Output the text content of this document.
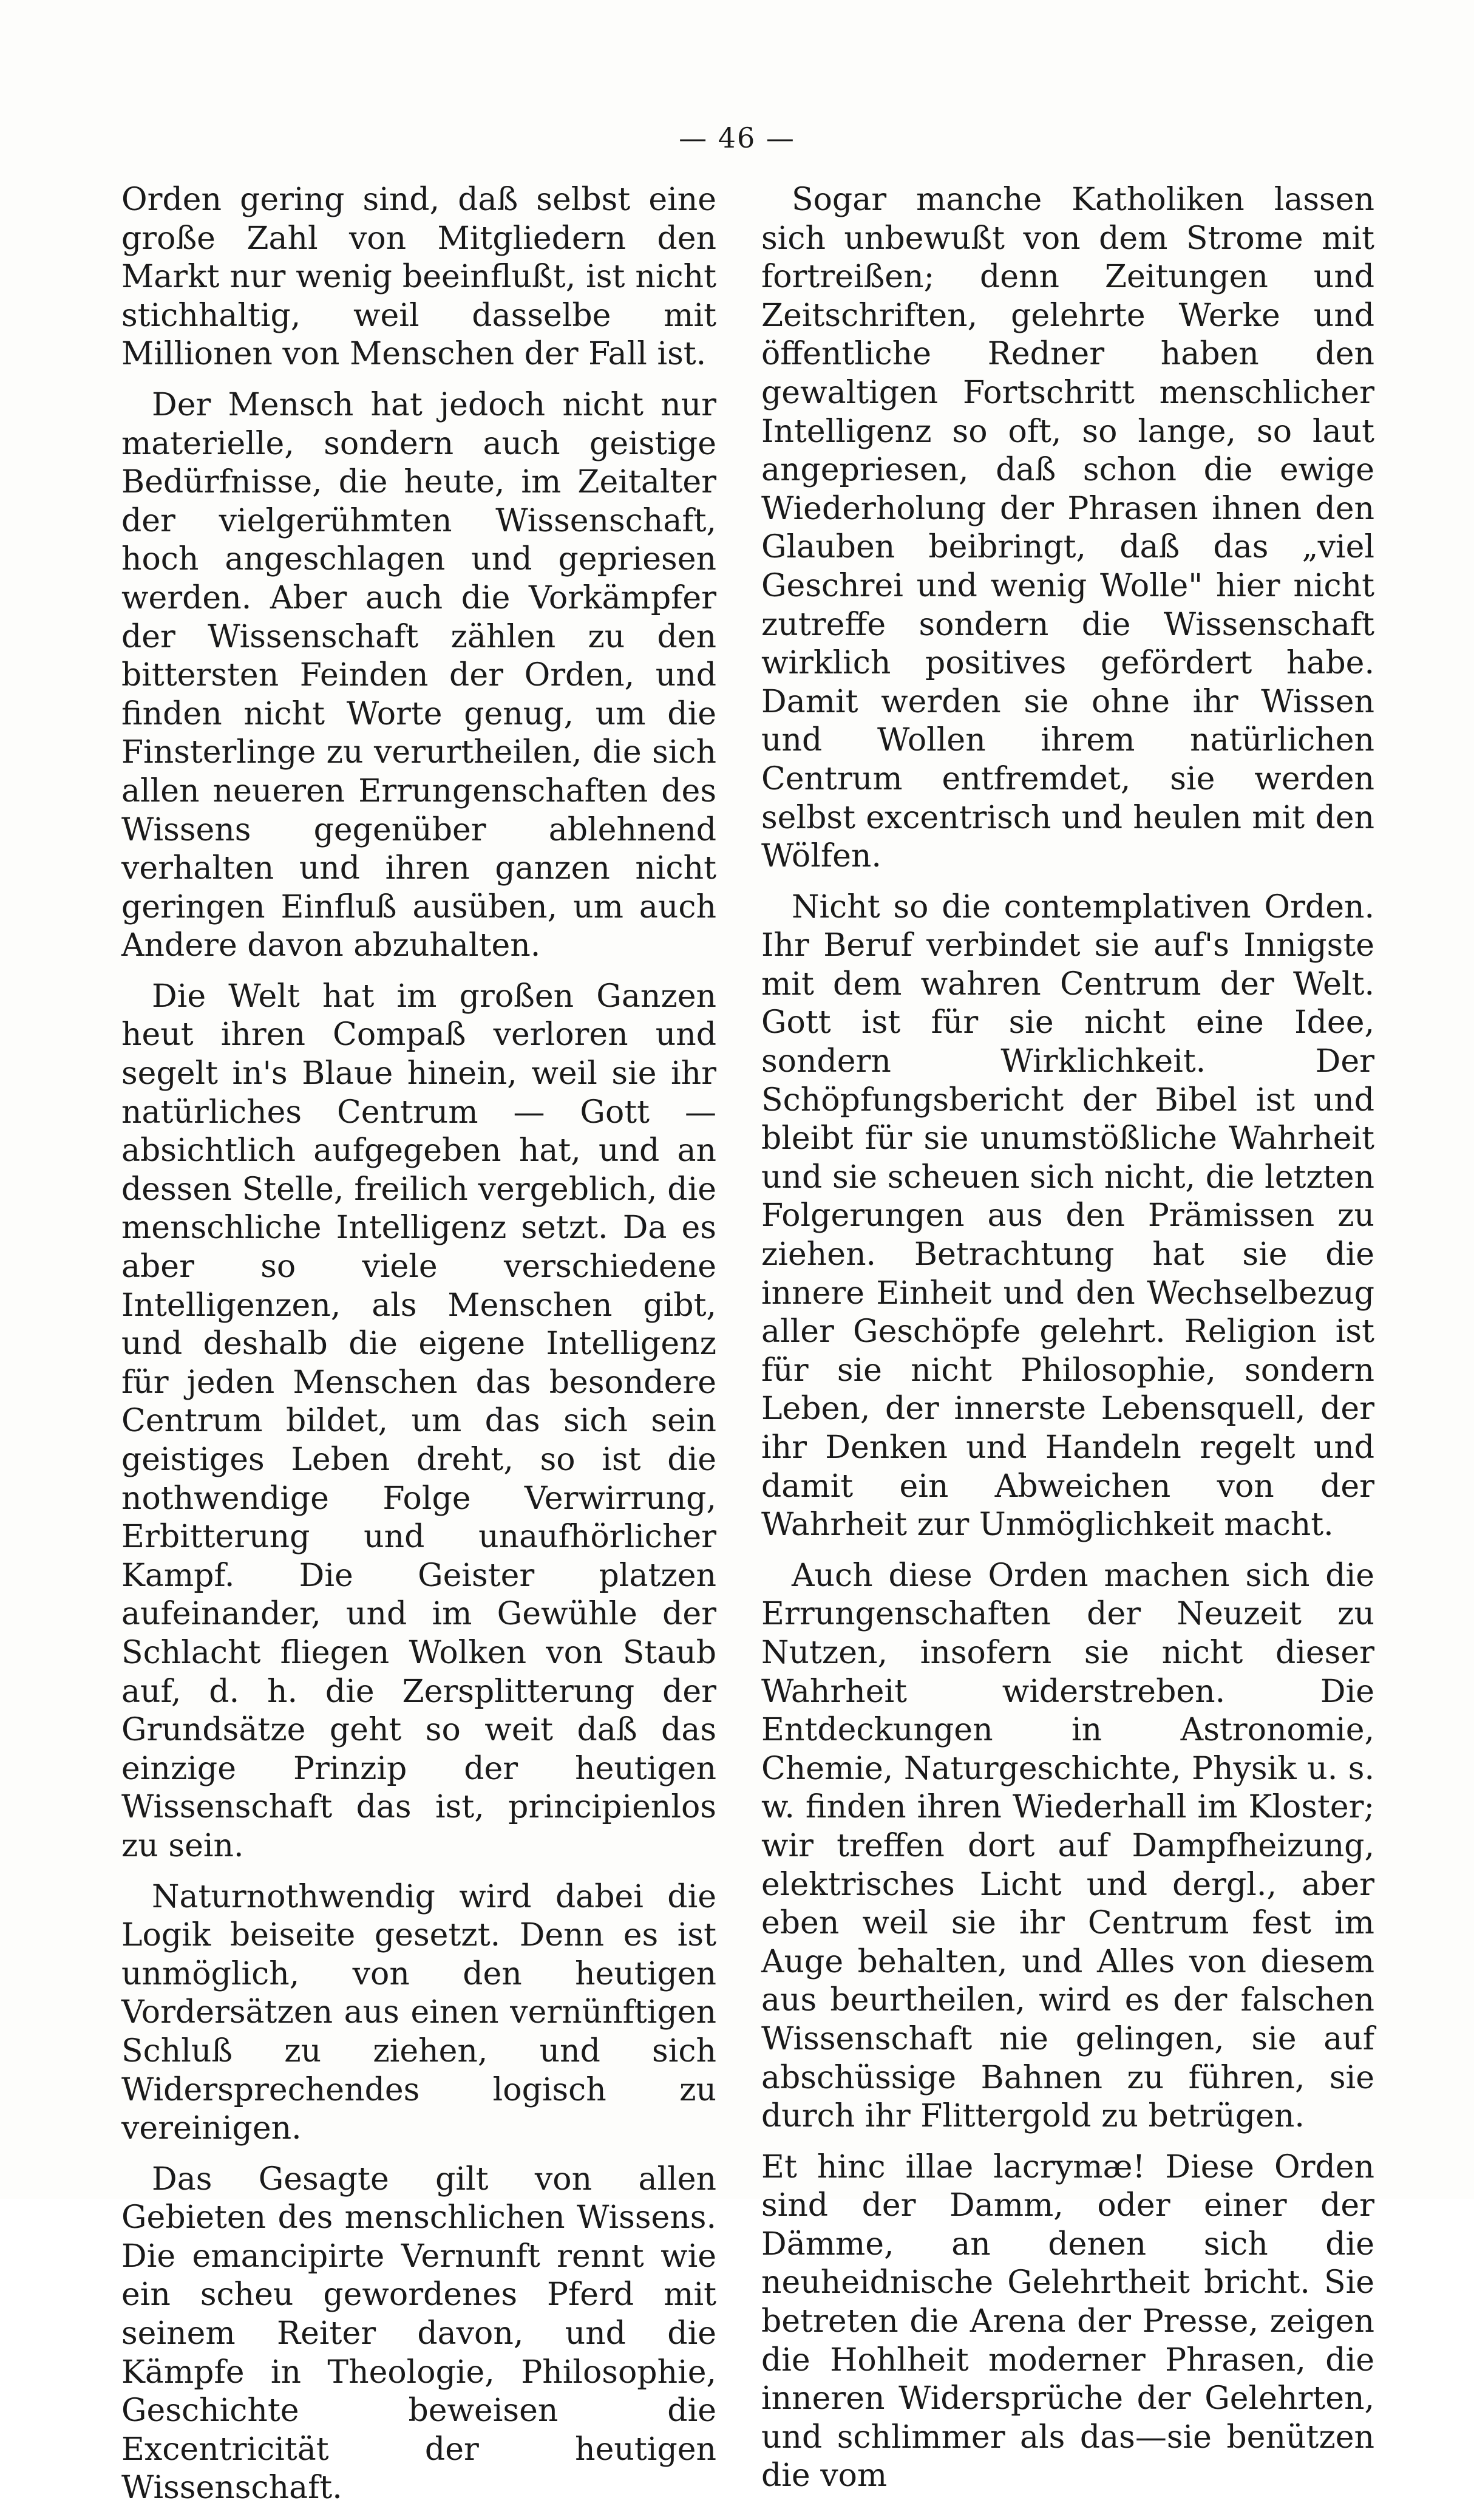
— 46 —

Orden gering sind, daß selbst eine große Zahl von Mitgliedern den Markt nur wenig beeinflußt, ist nicht stichhaltig, weil dasselbe mit Millionen von Menschen der Fall ist.

Der Mensch hat jedoch nicht nur materielle, sondern auch geistige Bedürfnisse, die heute, im Zeitalter der vielgerühmten Wissenschaft, hoch angeschlagen und gepriesen werden. Aber auch die Vorkämpfer der Wissenschaft zählen zu den bittersten Feinden der Orden, und finden nicht Worte genug, um die Finsterlinge zu verurtheilen, die sich allen neueren Errungenschaften des Wissens gegenüber ablehnend verhalten und ihren ganzen nicht geringen Einfluß ausüben, um auch Andere davon abzuhalten.

Die Welt hat im großen Ganzen heut ihren Compaß verloren und segelt in's Blaue hinein, weil sie ihr natürliches Centrum — Gott — absichtlich aufgegeben hat, und an dessen Stelle, freilich vergeblich, die menschliche Intelligenz setzt. Da es aber so viele verschiedene Intelligenzen, als Menschen gibt, und deshalb die eigene Intelligenz für jeden Menschen das besondere Centrum bildet, um das sich sein geistiges Leben dreht, so ist die nothwendige Folge Verwirrung, Erbitterung und unaufhörlicher Kampf. Die Geister platzen aufeinander, und im Gewühle der Schlacht fliegen Wolken von Staub auf, d. h. die Zersplitterung der Grundsätze geht so weit daß das einzige Prinzip der heutigen Wissenschaft das ist, principienlos zu sein.

Naturnothwendig wird dabei die Logik beiseite gesetzt. Denn es ist unmöglich, von den heutigen Vordersätzen aus einen vernünftigen Schluß zu ziehen, und sich Widersprechendes logisch zu vereinigen.

Das Gesagte gilt von allen Gebieten des menschlichen Wissens. Die emancipirte Vernunft rennt wie ein scheu gewordenes Pferd mit seinem Reiter davon, und die Kämpfe in Theologie, Philosophie, Geschichte beweisen die Excentricität der heutigen Wissenschaft.

Sogar manche Katholiken lassen sich unbewußt von dem Strome mit fortreißen; denn Zeitungen und Zeitschriften, gelehrte Werke und öffentliche Redner haben den gewaltigen Fortschritt menschlicher Intelligenz so oft, so lange, so laut angepriesen, daß schon die ewige Wiederholung der Phrasen ihnen den Glauben beibringt, daß das „viel Geschrei und wenig Wolle" hier nicht zutreffe sondern die Wissenschaft wirklich positives gefördert habe. Damit werden sie ohne ihr Wissen und Wollen ihrem natürlichen Centrum entfremdet, sie werden selbst excentrisch und heulen mit den Wölfen.

Nicht so die contemplativen Orden. Ihr Beruf verbindet sie auf's Innigste mit dem wahren Centrum der Welt. Gott ist für sie nicht eine Idee, sondern Wirklichkeit. Der Schöpfungsbericht der Bibel ist und bleibt für sie unumstößliche Wahrheit und sie scheuen sich nicht, die letzten Folgerungen aus den Prämissen zu ziehen. Betrachtung hat sie die innere Einheit und den Wechselbezug aller Geschöpfe gelehrt. Religion ist für sie nicht Philosophie, sondern Leben, der innerste Lebensquell, der ihr Denken und Handeln regelt und damit ein Abweichen von der Wahrheit zur Unmöglichkeit macht.

Auch diese Orden machen sich die Errungenschaften der Neuzeit zu Nutzen, insofern sie nicht dieser Wahrheit widerstreben. Die Entdeckungen in Astronomie, Chemie, Naturgeschichte, Physik u. s. w. finden ihren Wiederhall im Kloster; wir treffen dort auf Dampfheizung, elektrisches Licht und dergl., aber eben weil sie ihr Centrum fest im Auge behalten, und Alles von diesem aus beurtheilen, wird es der falschen Wissenschaft nie gelingen, sie auf abschüssige Bahnen zu führen, sie durch ihr Flittergold zu betrügen.

Et hinc illae lacrymæ! Diese Orden sind der Damm, oder einer der Dämme, an denen sich die neuheidnische Gelehrtheit bricht. Sie betreten die Arena der Presse, zeigen die Hohlheit moderner Phrasen, die inneren Widersprüche der Gelehrten, und schlimmer als das—sie benützen die vom
